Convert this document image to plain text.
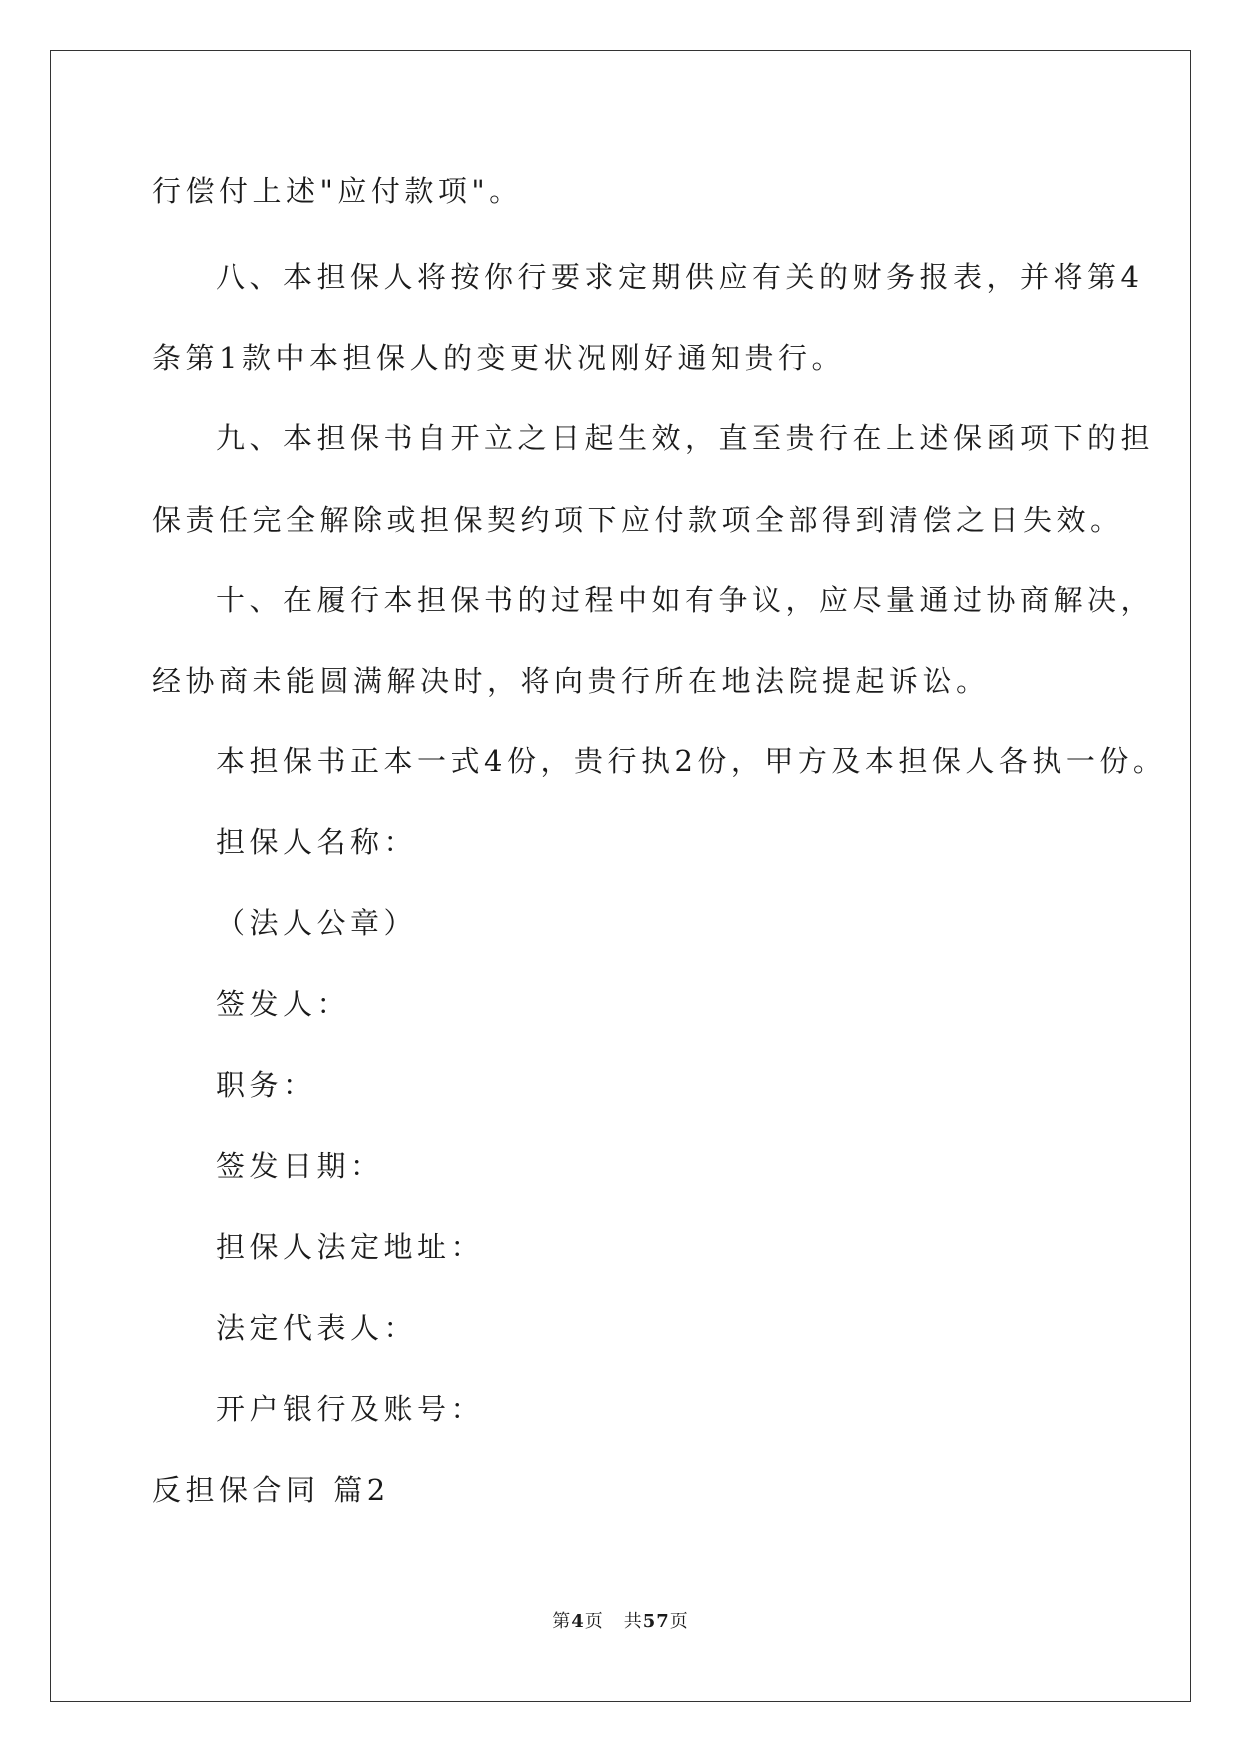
行偿付上述"应付款项"。
八、本担保人将按你行要求定期供应有关的财务报表，并将第4
条第1款中本担保人的变更状况刚好通知贵行。
九、本担保书自开立之日起生效，直至贵行在上述保函项下的担
保责任完全解除或担保契约项下应付款项全部得到清偿之日失效。
十、在履行本担保书的过程中如有争议，应尽量通过协商解决，
经协商未能圆满解决时，将向贵行所在地法院提起诉讼。
本担保书正本一式4份，贵行执2份，甲方及本担保人各执一份。
担保人名称：
（法人公章）
签发人：
职务：
签发日期：
担保人法定地址：
法定代表人：
开户银行及账号：
反担保合同 篇2
第4页 共57页
